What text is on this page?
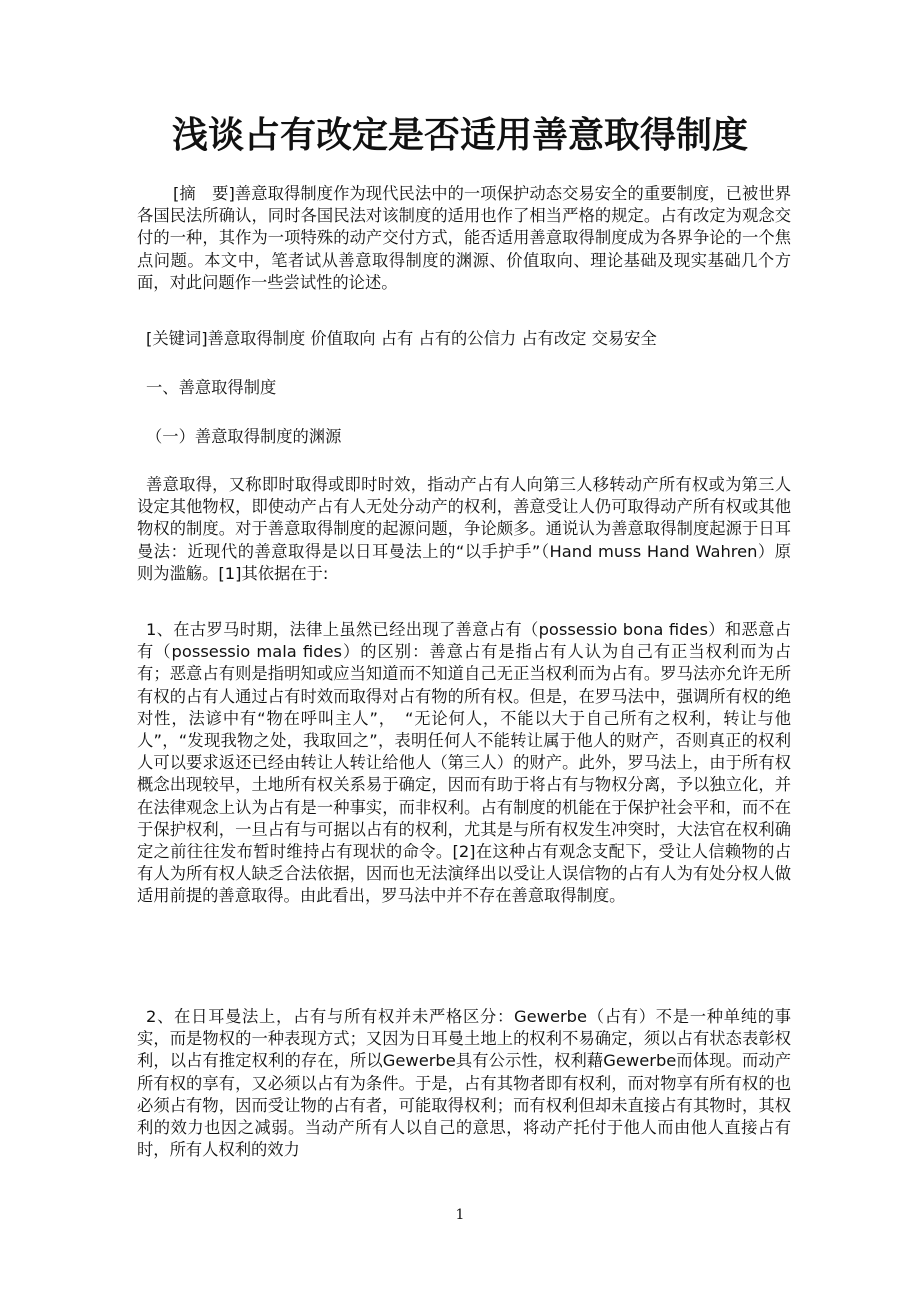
浅谈占有改定是否适用善意取得制度
[摘　要]善意取得制度作为现代民法中的一项保护动态交易安全的重要制度，已被世界各国民法所确认，同时各国民法对该制度的适用也作了相当严格的规定。占有改定为观念交付的一种，其作为一项特殊的动产交付方式，能否适用善意取得制度成为各界争论的一个焦点问题。本文中，笔者试从善意取得制度的渊源、价值取向、理论基础及现实基础几个方面，对此问题作一些尝试性的论述。
[关键词]善意取得制度 价值取向 占有 占有的公信力 占有改定 交易安全
一、善意取得制度
（一）善意取得制度的渊源
善意取得，又称即时取得或即时时效，指动产占有人向第三人移转动产所有权或为第三人设定其他物权，即使动产占有人无处分动产的权利，善意受让人仍可取得动产所有权或其他物权的制度。对于善意取得制度的起源问题，争论颇多。通说认为善意取得制度起源于日耳曼法：近现代的善意取得是以日耳曼法上的“以手护手”（Hand muss Hand Wahren）原则为滥觞。[1]其依据在于:
1、在古罗马时期，法律上虽然已经出现了善意占有（possessio bona fides）和恶意占有（possessio mala fides）的区别：善意占有是指占有人认为自己有正当权利而为占有；恶意占有则是指明知或应当知道而不知道自己无正当权利而为占有。罗马法亦允许无所有权的占有人通过占有时效而取得对占有物的所有权。但是，在罗马法中，强调所有权的绝对性，法谚中有“物在呼叫主人”，　“无论何人，不能以大于自己所有之权利，转让与他人”，“发现我物之处，我取回之”，表明任何人不能转让属于他人的财产，否则真正的权利人可以要求返还已经由转让人转让给他人（第三人）的财产。此外，罗马法上，由于所有权概念出现较早，土地所有权关系易于确定，因而有助于将占有与物权分离，予以独立化，并在法律观念上认为占有是一种事实，而非权利。占有制度的机能在于保护社会平和，而不在于保护权利，一旦占有与可据以占有的权利，尤其是与所有权发生冲突时，大法官在权利确定之前往往发布暂时维持占有现状的命令。[2]在这种占有观念支配下，受让人信赖物的占有人为所有权人缺乏合法依据，因而也无法演绎出以受让人误信物的占有人为有处分权人做适用前提的善意取得。由此看出，罗马法中并不存在善意取得制度。
2、在日耳曼法上，占有与所有权并未严格区分：Gewerbe（占有）不是一种单纯的事实，而是物权的一种表现方式；又因为日耳曼土地上的权利不易确定，须以占有状态表彰权利，以占有推定权利的存在，所以Gewerbe具有公示性，权利藉Gewerbe而体现。而动产所有权的享有，又必须以占有为条件。于是，占有其物者即有权利，而对物享有所有权的也必须占有物，因而受让物的占有者，可能取得权利；而有权利但却未直接占有其物时，其权利的效力也因之减弱。当动产所有人以自己的意思，将动产托付于他人而由他人直接占有时，所有人权利的效力
1
